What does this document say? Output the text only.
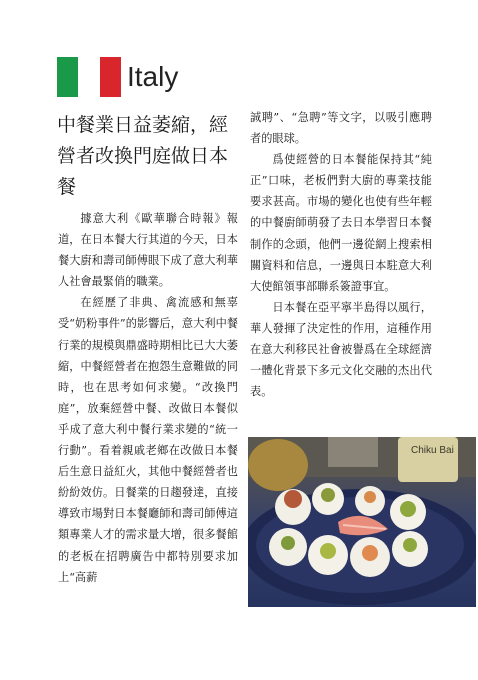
Italy
中餐業日益萎縮，經營者改換門庭做日本餐

據意大利《歐華聯合時報》報道，在日本餐大行其道的今天，日本餐大廚和壽司師傅眼下成了意大利華人社會最緊俏的職業。

在經歷了非典、禽流感和無辜受“奶粉事件”的影響后，意大利中餐行業的規模與鼎盛時期相比已大大萎縮，中餐經營者在抱怨生意難做的同時，也在思考如何求變。“改換門庭”，放棄經營中餐、改做日本餐似乎成了意大利中餐行業求變的“統一行動”。看着親戚老鄉在改做日本餐后生意日益紅火，其他中餐經營者也紛紛效仿。日餐業的日趨發達，直接導致市場對日本餐廳師和壽司師傅這類專業人才的需求量大增，很多餐館的老板在招聘廣告中都特別要求加上“高薪

誠聘”、“急聘”等文字，以吸引應聘者的眼球。

爲使經營的日本餐能保持其“純正”口味，老板們對大廚的專業技能要求甚高。市場的變化也使有些年輕的中餐廚師萌發了去日本學習日本餐制作的念頭，他們一邊從網上搜索相關資料和信息，一邊與日本駐意大利大使館領事部聯系簽證事宜。

日本餐在亞平寧半島得以風行，華人發揮了決定性的作用，這種作用在意大利移民社會被譽爲在全球經濟一體化背景下多元文化交融的杰出代表。

Chiku Bai
